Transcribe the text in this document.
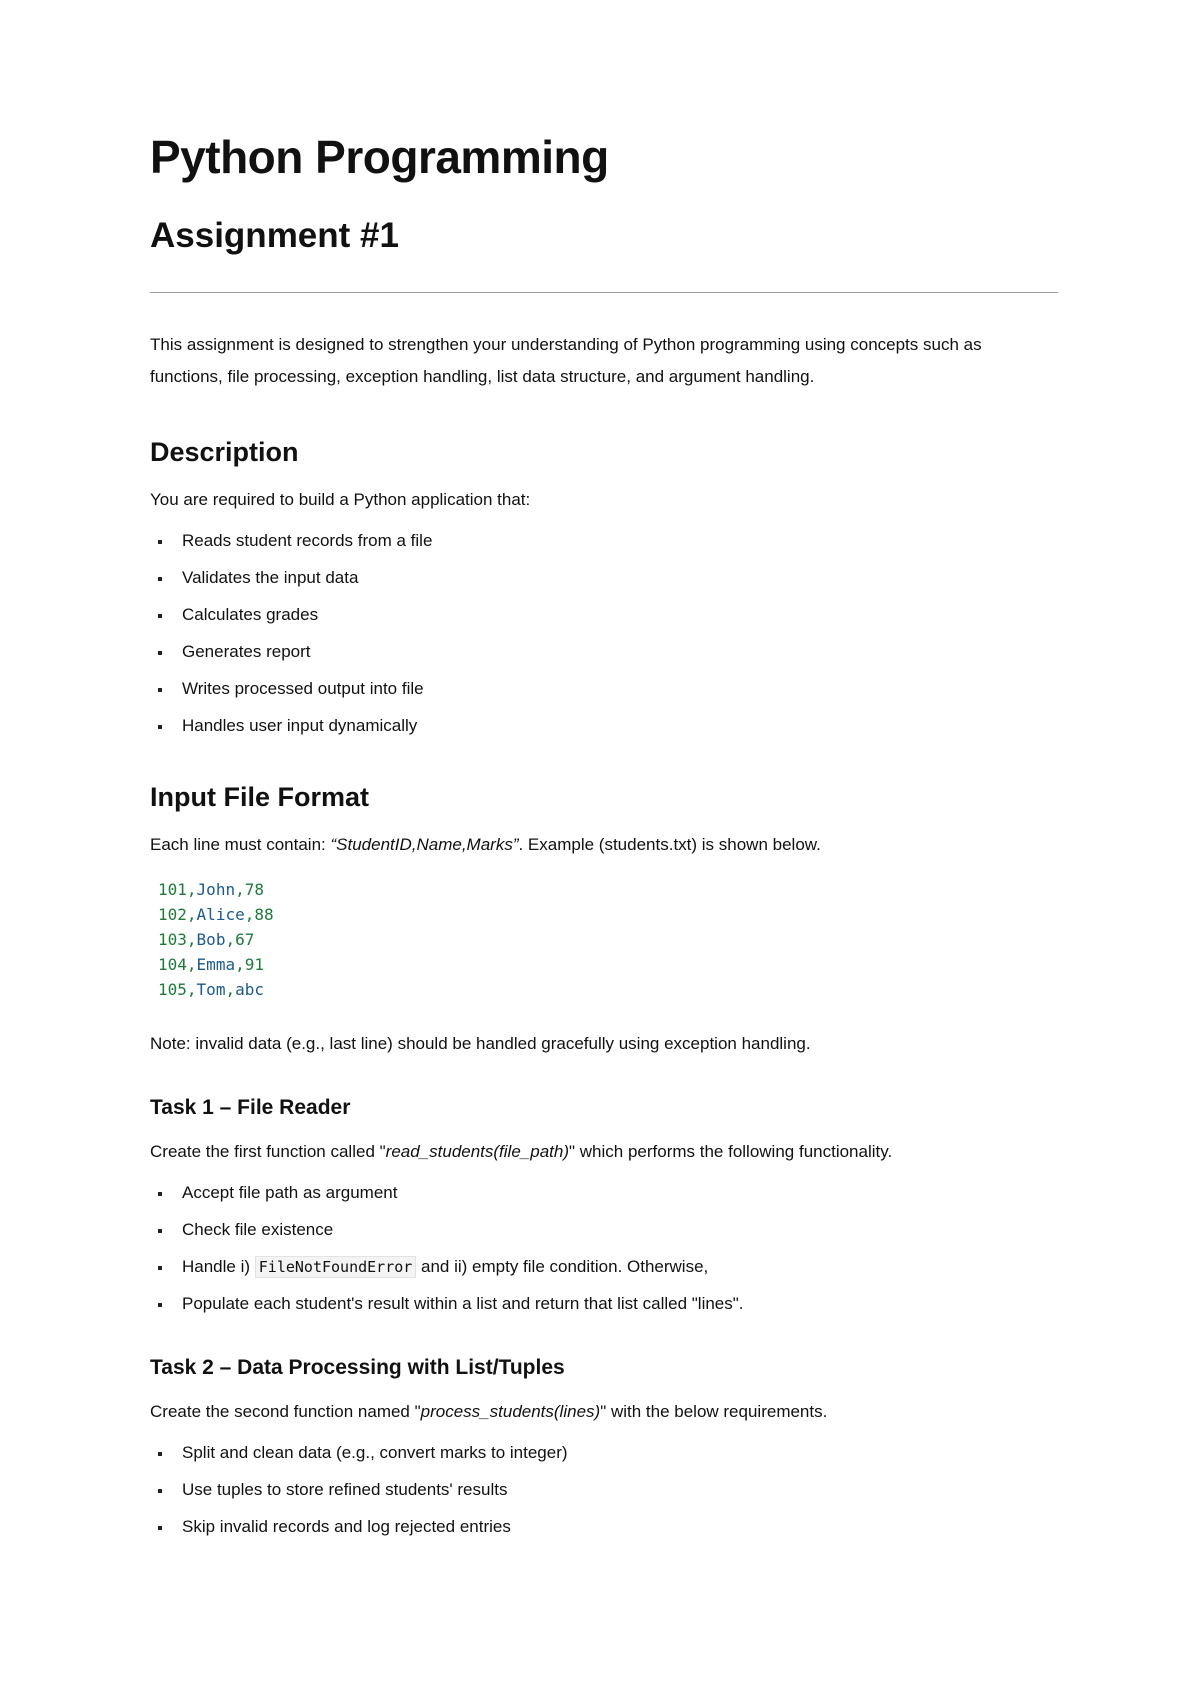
Python Programming
Assignment #1

This assignment is designed to strengthen your understanding of Python programming using concepts such as functions, file processing, exception handling, list data structure, and argument handling.

Description

You are required to build a Python application that:

Reads student records from a file
Validates the input data
Calculates grades
Generates report
Writes processed output into file
Handles user input dynamically
Input File Format

Each line must contain: “StudentID,Name,Marks”. Example (students.txt) is shown below.

101,John,78
102,Alice,88
103,Bob,67
104,Emma,91
105,Tom,abc

Note: invalid data (e.g., last line) should be handled gracefully using exception handling.

Task 1 – File Reader

Create the first function called "read_students(file_path)" which performs the following functionality.

Accept file path as argument
Check file existence
Handle i) FileNotFoundError and ii) empty file condition. Otherwise,
Populate each student's result within a list and return that list called "lines".
Task 2 – Data Processing with List/Tuples

Create the second function named "process_students(lines)" with the below requirements.

Split and clean data (e.g., convert marks to integer)
Use tuples to store refined students' results
Skip invalid records and log rejected entries
